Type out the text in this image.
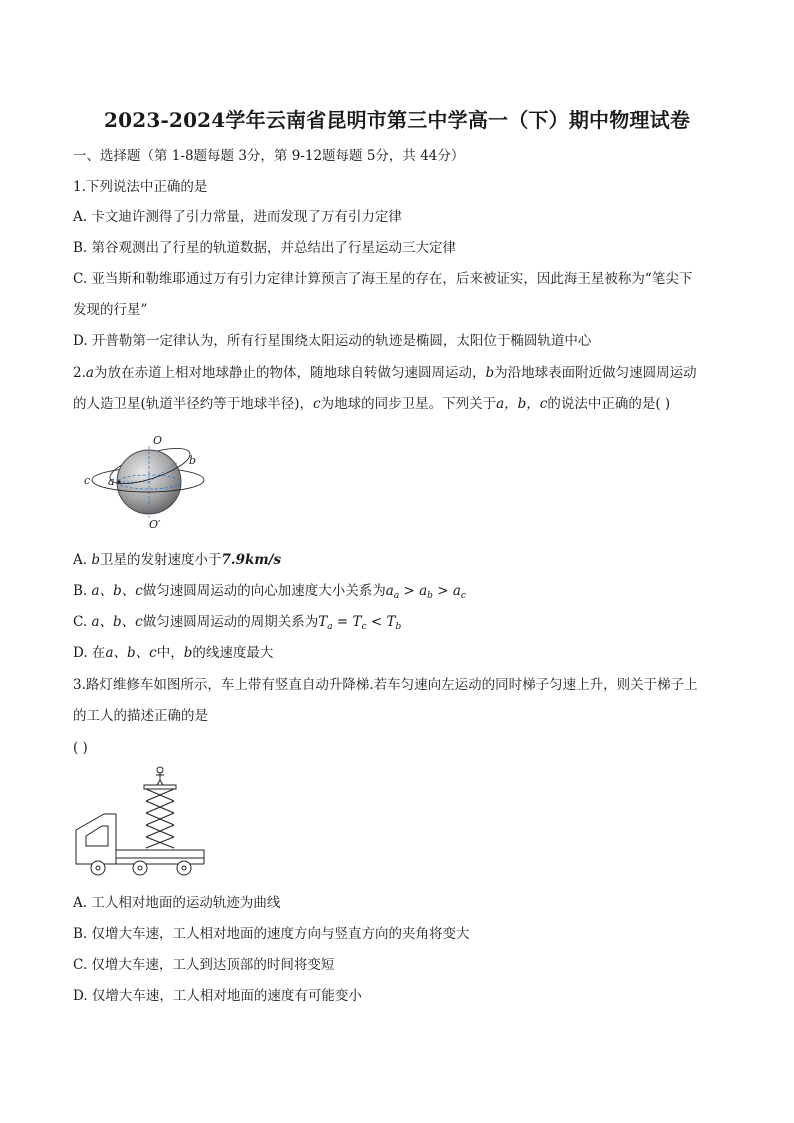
2023-2024学年云南省昆明市第三中学高一（下）期中物理试卷
一、选择题（第 1-8题每题 3分，第 9-12题每题 5分，共 44分）
1.下列说法中正确的是
A. 卡文迪许测得了引力常量，进而发现了万有引力定律
B. 第谷观测出了行星的轨道数据，并总结出了行星运动三大定律
C. 亚当斯和勒维耶通过万有引力定律计算预言了海王星的存在，后来被证实，因此海王星被称为“笔尖下
发现的行星”
D. 开普勒第一定律认为，所有行星围绕太阳运动的轨迹是椭圆，太阳位于椭圆轨道中心
2.a为放在赤道上相对地球静止的物体，随地球自转做匀速圆周运动，b为沿地球表面附近做匀速圆周运动
的人造卫星(轨道半径约等于地球半径)，c为地球的同步卫星。下列关于a，b，c的说法中正确的是( )
O
O′
a
b
c
A. b卫星的发射速度小于7.9km/s
B. a、b、c做匀速圆周运动的向心加速度大小关系为$a_a > a_b > a_c$
C. a、b、c做匀速圆周运动的周期关系为$T_a = T_c < T_b$
D. 在a、b、c中，b的线速度最大
3.路灯维修车如图所示，车上带有竖直自动升降梯.若车匀速向左运动的同时梯子匀速上升，则关于梯子上
的工人的描述正确的是
( )
A. 工人相对地面的运动轨迹为曲线
B. 仅增大车速，工人相对地面的速度方向与竖直方向的夹角将变大
C. 仅增大车速，工人到达顶部的时间将变短
D. 仅增大车速，工人相对地面的速度有可能变小
